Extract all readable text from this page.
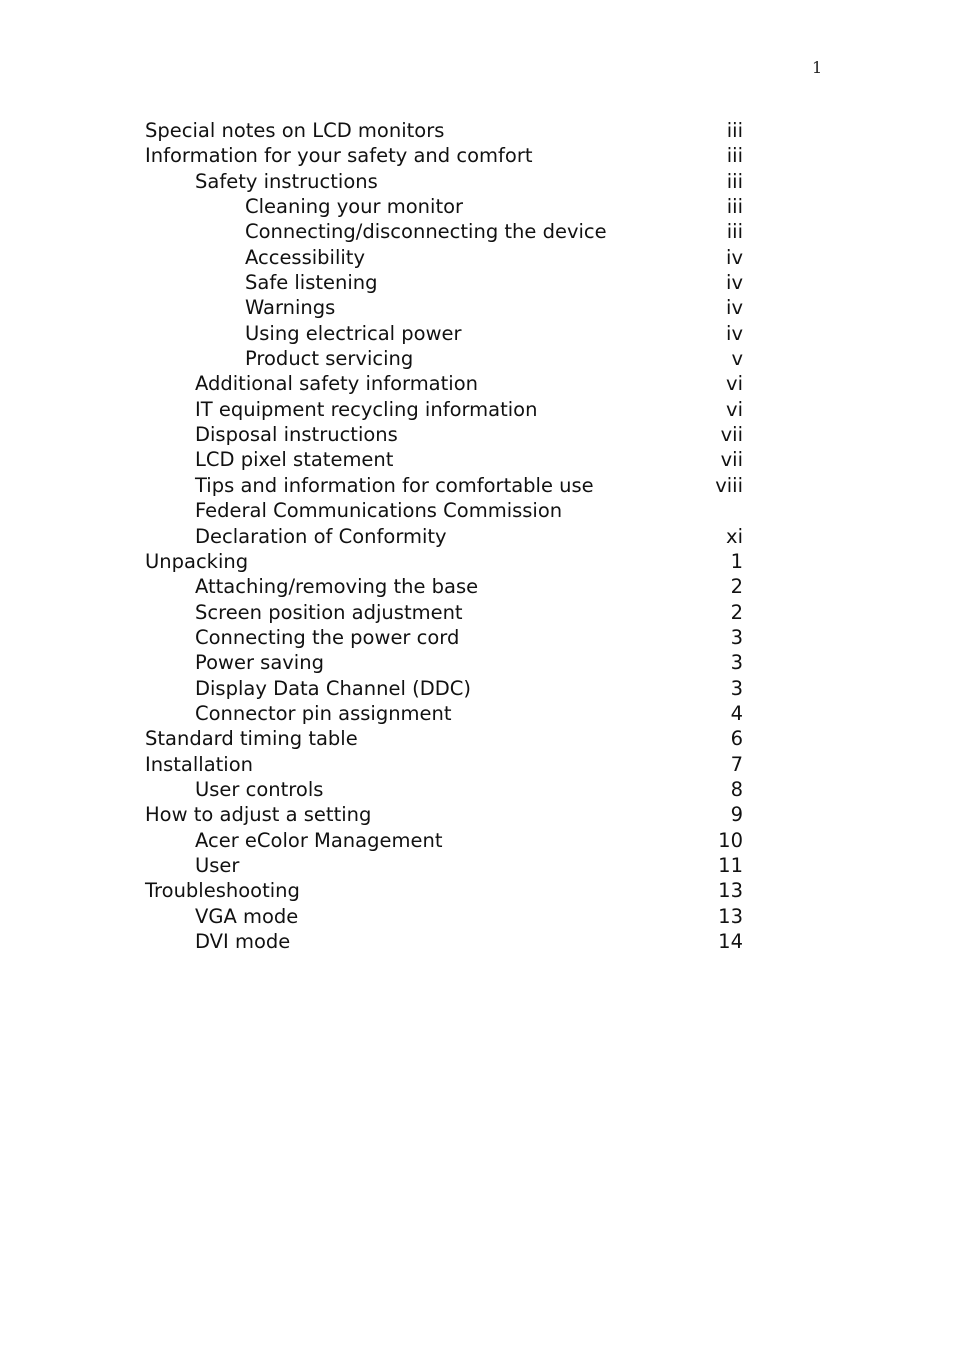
1
Special notes on LCD monitors	iii
Information for your safety and comfort	iii
Safety instructions	iii
Cleaning your monitor	iii
Connecting/disconnecting the device	iii
Accessibility	iv
Safe listening	iv
Warnings	iv
Using electrical power	iv
Product servicing	v
Additional safety information	vi
IT equipment recycling information	vi
Disposal instructions	vii
LCD pixel statement	vii
Tips and information for comfortable use	viii
Federal Communications Commission
Declaration of Conformity	xi
Unpacking	1
Attaching/removing the base	2
Screen position adjustment	2
Connecting the power cord	3
Power saving	3
Display Data Channel (DDC)	3
Connector pin assignment	4
Standard timing table	6
Installation	7
User controls	8
How to adjust a setting	9
Acer eColor Management	10
User	11
Troubleshooting	13
VGA mode	13
DVI mode	14
